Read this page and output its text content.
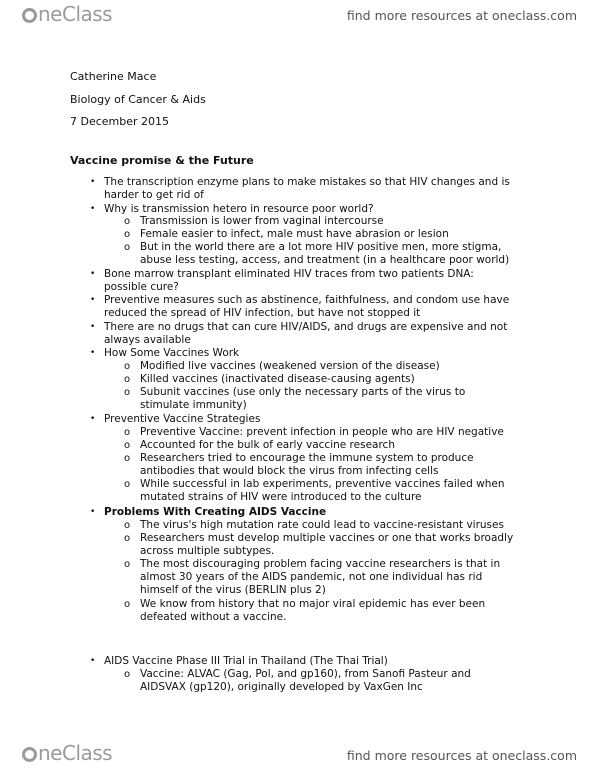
neClass	find more resources at oneclass.com
Catherine Mace
Biology of Cancer & Aids
7 December 2015
Vaccine promise & the Future
•
•
•
•
•
•
•
•
•
o
o
o
o
o
o
o
o
o
o
o
o
o
o
o
The transcription enzyme plans to make mistakes so that HIV changes and is
harder to get rid of
Why is transmission hetero in resource poor world?
Transmission is lower from vaginal intercourse
Female easier to infect, male must have abrasion or lesion
But in the world there are a lot more HIV positive men, more stigma,
abuse less testing, access, and treatment (in a healthcare poor world)
Bone marrow transplant eliminated HIV traces from two patients DNA:
possible cure?
Preventive measures such as abstinence, faithfulness, and condom use have
reduced the spread of HIV infection, but have not stopped it
There are no drugs that can cure HIV/AIDS, and drugs are expensive and not
always available
How Some Vaccines Work
Modified live vaccines (weakened version of the disease)
Killed vaccines (inactivated disease-causing agents)
Subunit vaccines (use only the necessary parts of the virus to
stimulate immunity)
Preventive Vaccine Strategies
Preventive Vaccine: prevent infection in people who are HIV negative
Accounted for the bulk of early vaccine research
Researchers tried to encourage the immune system to produce
antibodies that would block the virus from infecting cells
While successful in lab experiments, preventive vaccines failed when
mutated strains of HIV were introduced to the culture
Problems With Creating AIDS Vaccine
The virus's high mutation rate could lead to vaccine-resistant viruses
Researchers must develop multiple vaccines or one that works broadly
across multiple subtypes.
The most discouraging problem facing vaccine researchers is that in
almost 30 years of the AIDS pandemic, not one individual has rid
himself of the virus (BERLIN plus 2)
We know from history that no major viral epidemic has ever been
defeated without a vaccine.
AIDS Vaccine Phase III Trial in Thailand (The Thai Trial)
Vaccine: ALVAC (Gag, Pol, and gp160), from Sanofi Pasteur and
AIDSVAX (gp120), originally developed by VaxGen Inc
neClass	find more resources at oneclass.com
